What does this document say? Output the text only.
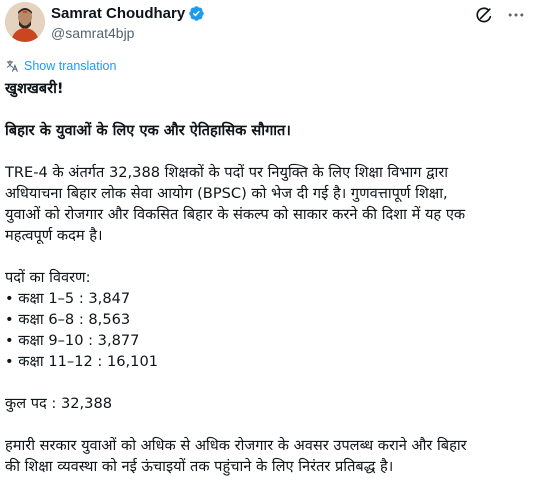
Samrat Choudhary
@samrat4bjp
Show translation
खुशखबरी!
बिहार के युवाओं के लिए एक और ऐतिहासिक सौगात।
TRE-4 के अंतर्गत 32,388 शिक्षकों के पदों पर नियुक्ति के लिए शिक्षा विभाग द्वारा
अधियाचना बिहार लोक सेवा आयोग (BPSC) को भेज दी गई है। गुणवत्तापूर्ण शिक्षा,
युवाओं को रोजगार और विकसित बिहार के संकल्प को साकार करने की दिशा में यह एक
महत्वपूर्ण कदम है।
पदों का विवरण:
• कक्षा 1–5 : 3,847
• कक्षा 6–8 : 8,563
• कक्षा 9–10 : 3,877
• कक्षा 11–12 : 16,101
कुल पद : 32,388
हमारी सरकार युवाओं को अधिक से अधिक रोजगार के अवसर उपलब्ध कराने और बिहार
की शिक्षा व्यवस्था को नई ऊंचाइयों तक पहुंचाने के लिए निरंतर प्रतिबद्ध है।
